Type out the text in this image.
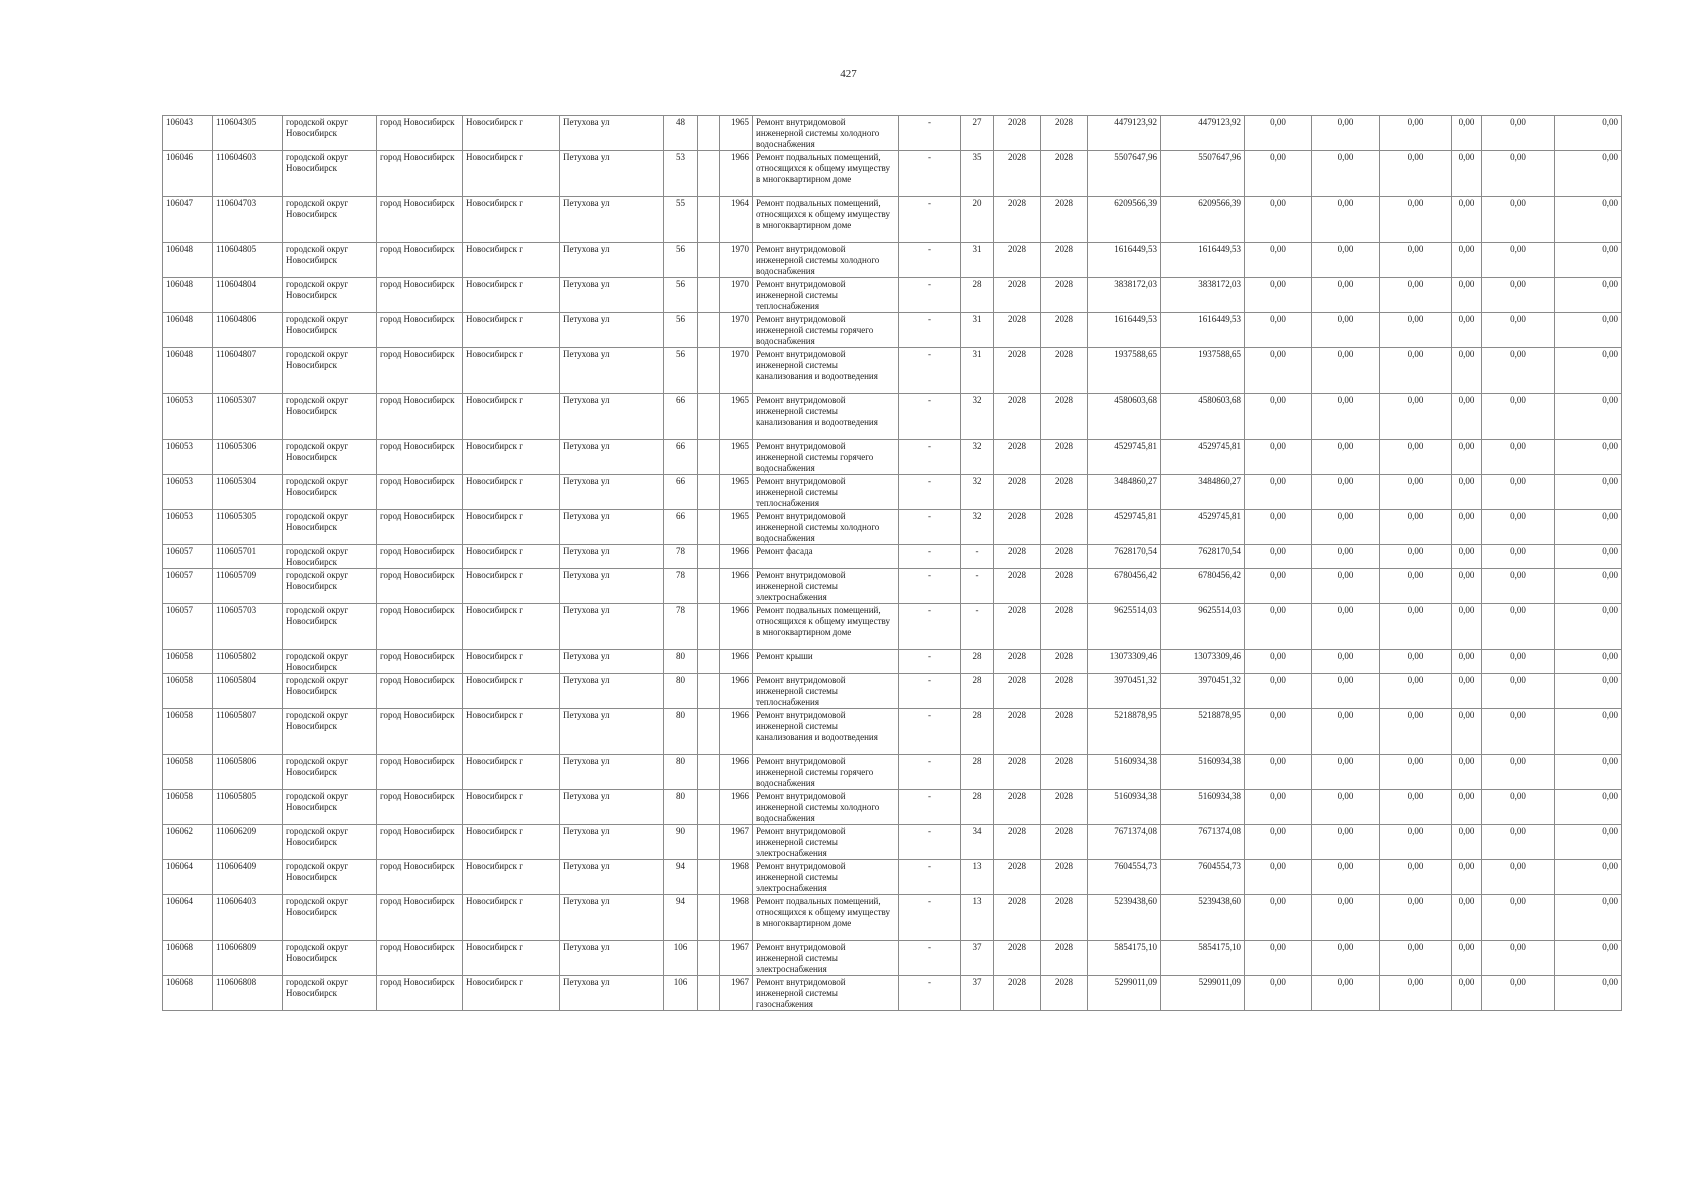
427
106043	110604305	городской округ Новосибирск	город Новосибирск	Новосибирск г	Петухова ул	48		1965	Ремонт внутридомовой инженерной системы холодного водоснабжения	-	27	2028	2028	4479123,92	4479123,92	0,00	0,00	0,00	0,00	0,00	0,00
106046	110604603	городской округ Новосибирск	город Новосибирск	Новосибирск г	Петухова ул	53		1966	Ремонт подвальных помещений, относящихся к общему имуществу в многоквартирном доме	-	35	2028	2028	5507647,96	5507647,96	0,00	0,00	0,00	0,00	0,00	0,00
106047	110604703	городской округ Новосибирск	город Новосибирск	Новосибирск г	Петухова ул	55		1964	Ремонт подвальных помещений, относящихся к общему имуществу в многоквартирном доме	-	20	2028	2028	6209566,39	6209566,39	0,00	0,00	0,00	0,00	0,00	0,00
106048	110604805	городской округ Новосибирск	город Новосибирск	Новосибирск г	Петухова ул	56		1970	Ремонт внутридомовой инженерной системы холодного водоснабжения	-	31	2028	2028	1616449,53	1616449,53	0,00	0,00	0,00	0,00	0,00	0,00
106048	110604804	городской округ Новосибирск	город Новосибирск	Новосибирск г	Петухова ул	56		1970	Ремонт внутридомовой инженерной системы теплоснабжения	-	28	2028	2028	3838172,03	3838172,03	0,00	0,00	0,00	0,00	0,00	0,00
106048	110604806	городской округ Новосибирск	город Новосибирск	Новосибирск г	Петухова ул	56		1970	Ремонт внутридомовой инженерной системы горячего водоснабжения	-	31	2028	2028	1616449,53	1616449,53	0,00	0,00	0,00	0,00	0,00	0,00
106048	110604807	городской округ Новосибирск	город Новосибирск	Новосибирск г	Петухова ул	56		1970	Ремонт внутридомовой инженерной системы канализования и водоотведения	-	31	2028	2028	1937588,65	1937588,65	0,00	0,00	0,00	0,00	0,00	0,00
106053	110605307	городской округ Новосибирск	город Новосибирск	Новосибирск г	Петухова ул	66		1965	Ремонт внутридомовой инженерной системы канализования и водоотведения	-	32	2028	2028	4580603,68	4580603,68	0,00	0,00	0,00	0,00	0,00	0,00
106053	110605306	городской округ Новосибирск	город Новосибирск	Новосибирск г	Петухова ул	66		1965	Ремонт внутридомовой инженерной системы горячего водоснабжения	-	32	2028	2028	4529745,81	4529745,81	0,00	0,00	0,00	0,00	0,00	0,00
106053	110605304	городской округ Новосибирск	город Новосибирск	Новосибирск г	Петухова ул	66		1965	Ремонт внутридомовой инженерной системы теплоснабжения	-	32	2028	2028	3484860,27	3484860,27	0,00	0,00	0,00	0,00	0,00	0,00
106053	110605305	городской округ Новосибирск	город Новосибирск	Новосибирск г	Петухова ул	66		1965	Ремонт внутридомовой инженерной системы холодного водоснабжения	-	32	2028	2028	4529745,81	4529745,81	0,00	0,00	0,00	0,00	0,00	0,00
106057	110605701	городской округ Новосибирск	город Новосибирск	Новосибирск г	Петухова ул	78		1966	Ремонт фасада	-	-	2028	2028	7628170,54	7628170,54	0,00	0,00	0,00	0,00	0,00	0,00
106057	110605709	городской округ Новосибирск	город Новосибирск	Новосибирск г	Петухова ул	78		1966	Ремонт внутридомовой инженерной системы электроснабжения	-	-	2028	2028	6780456,42	6780456,42	0,00	0,00	0,00	0,00	0,00	0,00
106057	110605703	городской округ Новосибирск	город Новосибирск	Новосибирск г	Петухова ул	78		1966	Ремонт подвальных помещений, относящихся к общему имуществу в многоквартирном доме	-	-	2028	2028	9625514,03	9625514,03	0,00	0,00	0,00	0,00	0,00	0,00
106058	110605802	городской округ Новосибирск	город Новосибирск	Новосибирск г	Петухова ул	80		1966	Ремонт крыши	-	28	2028	2028	13073309,46	13073309,46	0,00	0,00	0,00	0,00	0,00	0,00
106058	110605804	городской округ Новосибирск	город Новосибирск	Новосибирск г	Петухова ул	80		1966	Ремонт внутридомовой инженерной системы теплоснабжения	-	28	2028	2028	3970451,32	3970451,32	0,00	0,00	0,00	0,00	0,00	0,00
106058	110605807	городской округ Новосибирск	город Новосибирск	Новосибирск г	Петухова ул	80		1966	Ремонт внутридомовой инженерной системы канализования и водоотведения	-	28	2028	2028	5218878,95	5218878,95	0,00	0,00	0,00	0,00	0,00	0,00
106058	110605806	городской округ Новосибирск	город Новосибирск	Новосибирск г	Петухова ул	80		1966	Ремонт внутридомовой инженерной системы горячего водоснабжения	-	28	2028	2028	5160934,38	5160934,38	0,00	0,00	0,00	0,00	0,00	0,00
106058	110605805	городской округ Новосибирск	город Новосибирск	Новосибирск г	Петухова ул	80		1966	Ремонт внутридомовой инженерной системы холодного водоснабжения	-	28	2028	2028	5160934,38	5160934,38	0,00	0,00	0,00	0,00	0,00	0,00
106062	110606209	городской округ Новосибирск	город Новосибирск	Новосибирск г	Петухова ул	90		1967	Ремонт внутридомовой инженерной системы электроснабжения	-	34	2028	2028	7671374,08	7671374,08	0,00	0,00	0,00	0,00	0,00	0,00
106064	110606409	городской округ Новосибирск	город Новосибирск	Новосибирск г	Петухова ул	94		1968	Ремонт внутридомовой инженерной системы электроснабжения	-	13	2028	2028	7604554,73	7604554,73	0,00	0,00	0,00	0,00	0,00	0,00
106064	110606403	городской округ Новосибирск	город Новосибирск	Новосибирск г	Петухова ул	94		1968	Ремонт подвальных помещений, относящихся к общему имуществу в многоквартирном доме	-	13	2028	2028	5239438,60	5239438,60	0,00	0,00	0,00	0,00	0,00	0,00
106068	110606809	городской округ Новосибирск	город Новосибирск	Новосибирск г	Петухова ул	106		1967	Ремонт внутридомовой инженерной системы электроснабжения	-	37	2028	2028	5854175,10	5854175,10	0,00	0,00	0,00	0,00	0,00	0,00
106068	110606808	городской округ Новосибирск	город Новосибирск	Новосибирск г	Петухова ул	106		1967	Ремонт внутридомовой инженерной системы газоснабжения	-	37	2028	2028	5299011,09	5299011,09	0,00	0,00	0,00	0,00	0,00	0,00
